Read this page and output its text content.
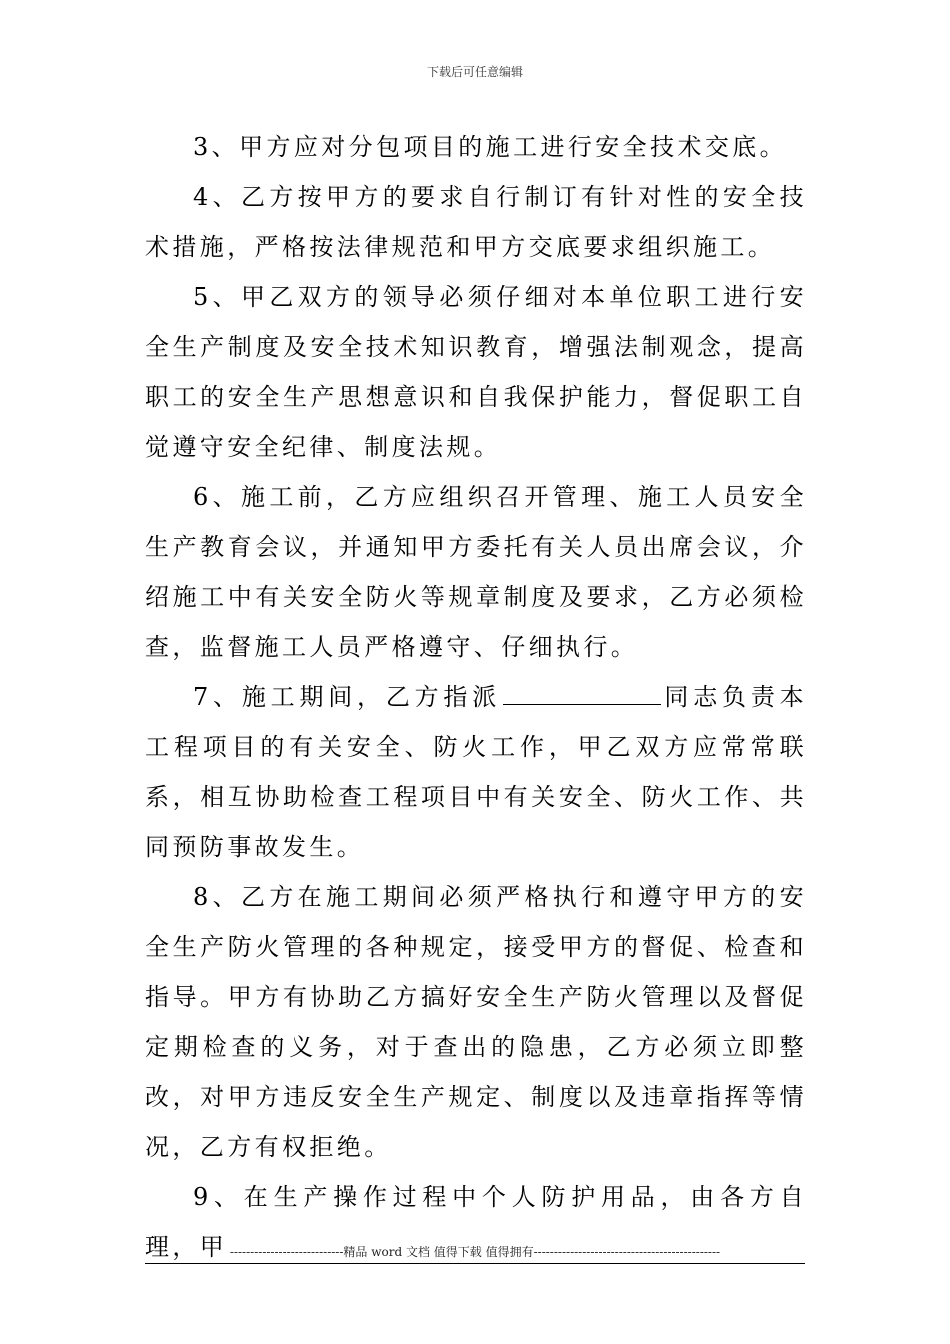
下载后可任意编辑

3、甲方应对分包项目的施工进行安全技术交底。

4、乙方按甲方的要求自行制订有针对性的安全技术措施，严格按法律规范和甲方交底要求组织施工。

5、甲乙双方的领导必须仔细对本单位职工进行安全生产制度及安全技术知识教育，增强法制观念，提高职工的安全生产思想意识和自我保护能力，督促职工自觉遵守安全纪律、制度法规。

6、施工前，乙方应组织召开管理、施工人员安全生产教育会议，并通知甲方委托有关人员出席会议，介绍施工中有关安全防火等规章制度及要求，乙方必须检查，监督施工人员严格遵守、仔细执行。

7、施工期间，乙方指派	同志负责本工程项目的有关安全、防火工作，甲乙双方应常常联系，相互协助检查工程项目中有关安全、防火工作、共同预防事故发生。

8、乙方在施工期间必须严格执行和遵守甲方的安全生产防火管理的各种规定，接受甲方的督促、检查和指导。甲方有协助乙方搞好安全生产防火管理以及督促定期检查的义务，对于查出的隐患，乙方必须立即整改，对甲方违反安全生产规定、制度以及违章指挥等情况，乙方有权拒绝。

9、在生产操作过程中个人防护用品，由各方自理，甲 ----------------------------精品 word 文档 值得下载 值得拥有----------------------------------------------
